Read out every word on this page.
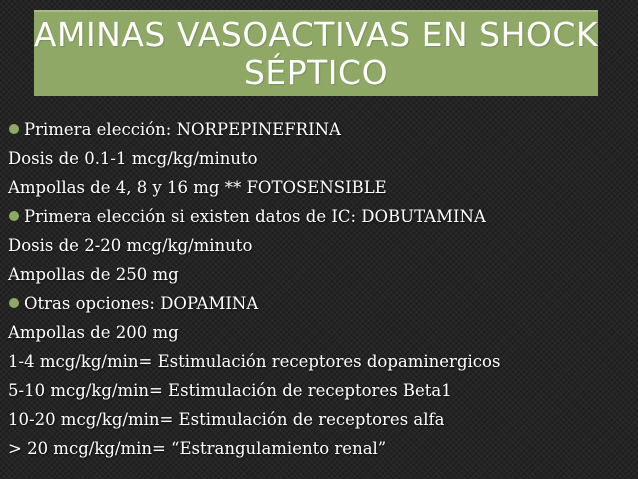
AMINAS VASOACTIVAS EN SHOCK
SÉPTICO
Primera elección: NORPEPINEFRINA
Dosis de 0.1-1 mcg/kg/minuto
Ampollas de 4, 8 y 16 mg ** FOTOSENSIBLE
Primera elección si existen datos de IC: DOBUTAMINA
Dosis de 2-20 mcg/kg/minuto
Ampollas de 250 mg
Otras opciones: DOPAMINA
Ampollas de 200 mg
1-4 mcg/kg/min= Estimulación receptores dopaminergicos
5-10 mcg/kg/min= Estimulación de receptores Beta1
10-20 mcg/kg/min= Estimulación de receptores alfa
> 20 mcg/kg/min= “Estrangulamiento renal”
